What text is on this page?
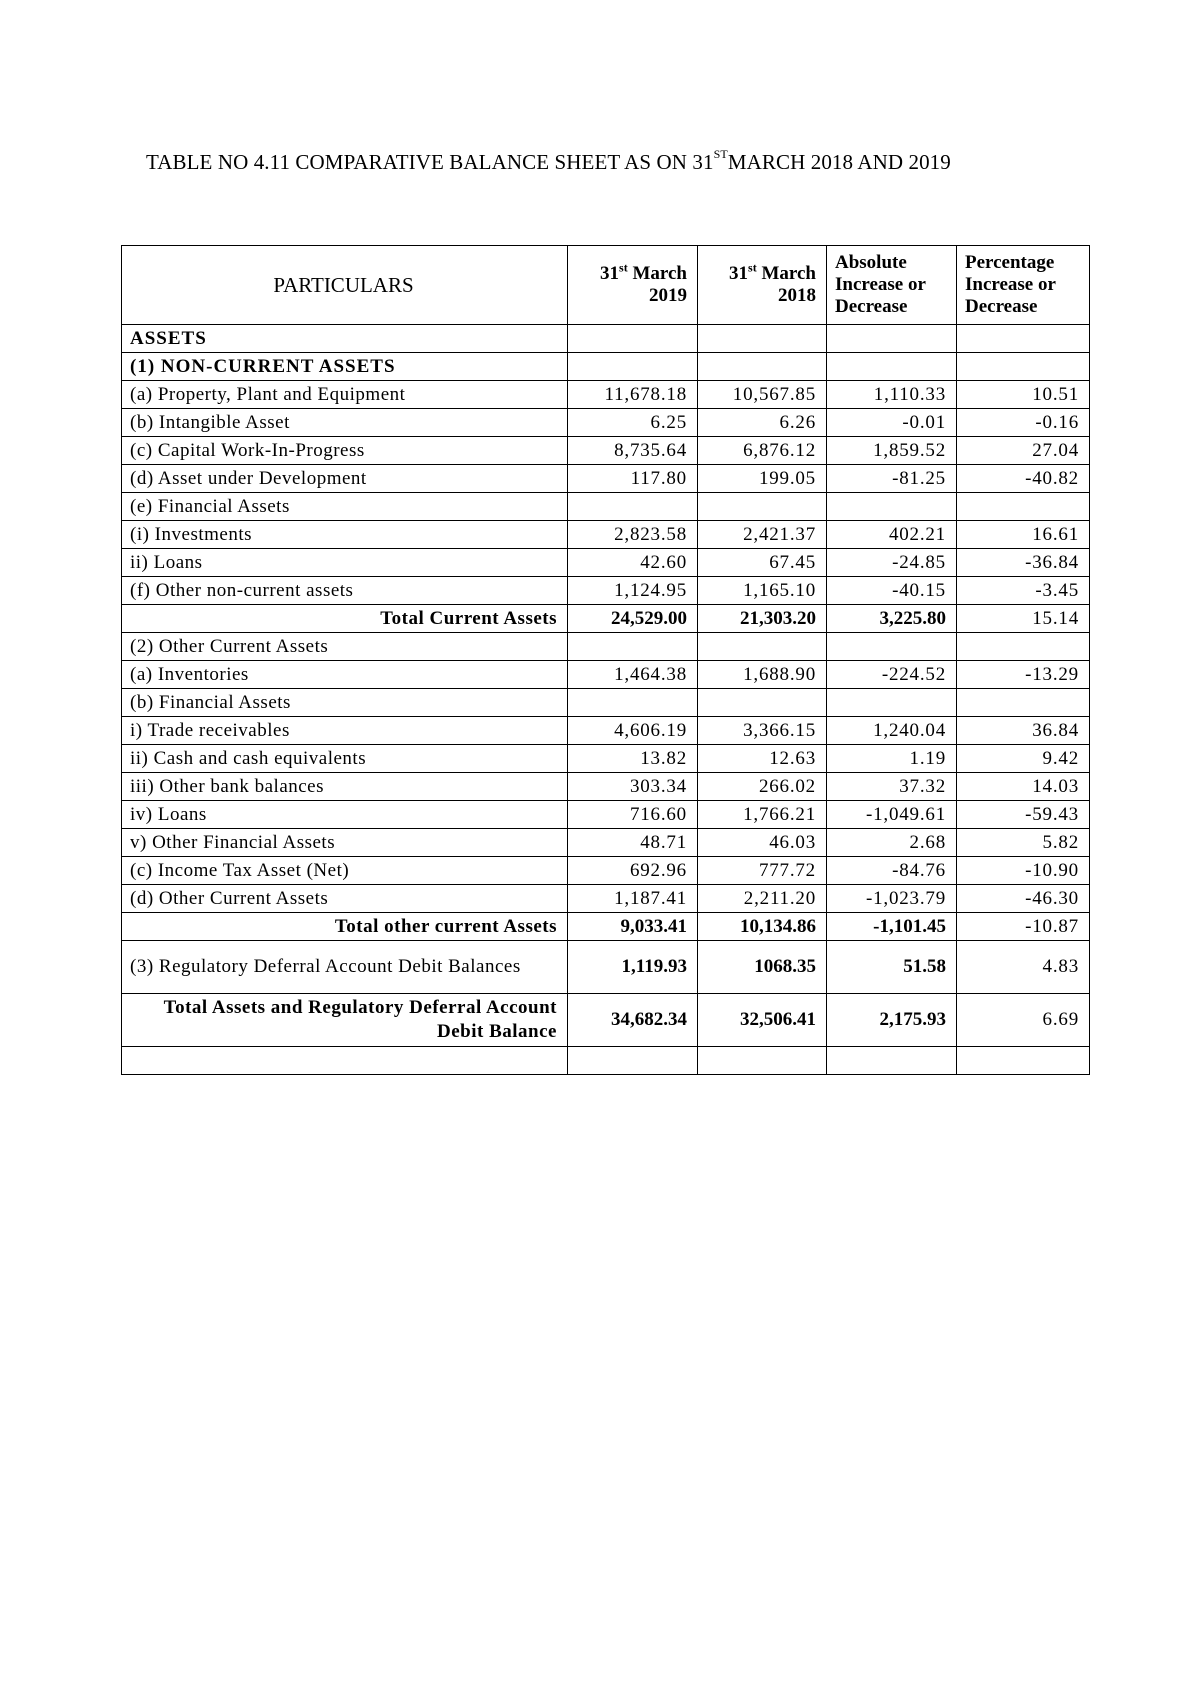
TABLE NO 4.11 COMPARATIVE BALANCE SHEET AS ON 31STMARCH 2018 AND 2019
PARTICULARS	31st March 2019	31st March 2018	Absolute Increase or Decrease	Percentage Increase or Decrease
ASSETS				
(1) NON-CURRENT ASSETS				
(a) Property, Plant and Equipment	11,678.18	10,567.85	1,110.33	10.51
(b) Intangible Asset	6.25	6.26	-0.01	-0.16
(c) Capital Work-In-Progress	8,735.64	6,876.12	1,859.52	27.04
(d) Asset under Development	117.80	199.05	-81.25	-40.82
(e) Financial Assets				
(i) Investments	2,823.58	2,421.37	402.21	16.61
ii) Loans	42.60	67.45	-24.85	-36.84
(f) Other non-current assets	1,124.95	1,165.10	-40.15	-3.45
Total Current Assets	24,529.00	21,303.20	3,225.80	15.14
(2) Other Current Assets				
(a) Inventories	1,464.38	1,688.90	-224.52	-13.29
(b) Financial Assets				
i) Trade receivables	4,606.19	3,366.15	1,240.04	36.84
ii) Cash and cash equivalents	13.82	12.63	1.19	9.42
iii) Other bank balances	303.34	266.02	37.32	14.03
iv) Loans	716.60	1,766.21	-1,049.61	-59.43
v) Other Financial Assets	48.71	46.03	2.68	5.82
(c) Income Tax Asset (Net)	692.96	777.72	-84.76	-10.90
(d) Other Current Assets	1,187.41	2,211.20	-1,023.79	-46.30
Total other current Assets	9,033.41	10,134.86	-1,101.45	-10.87
(3) Regulatory Deferral Account Debit Balances	1,119.93	1068.35	51.58	4.83
Total Assets and Regulatory Deferral Account Debit Balance	34,682.34	32,506.41	2,175.93	6.69
